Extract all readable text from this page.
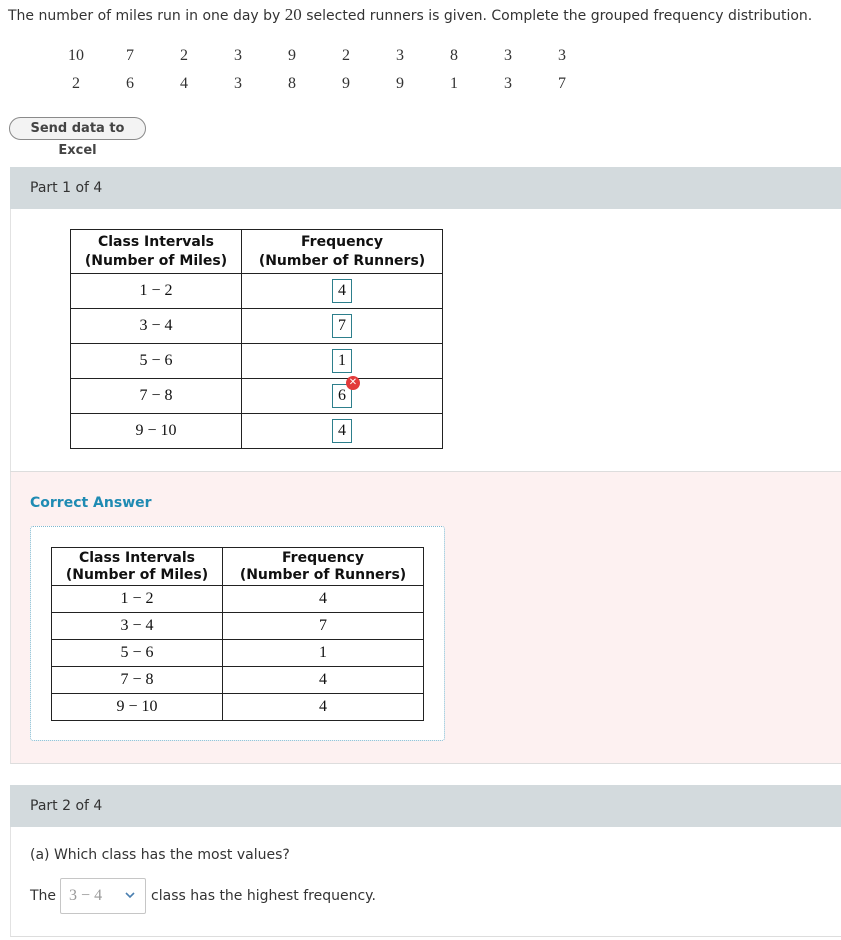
The number of miles run in one day by 20 selected runners is given. Complete the grouped frequency distribution.
10	7	2	3	9	2	3	8	3	3
2	6	4	3	8	9	9	1	3	7
Send data to Excel
Part 1 of 4
Class Intervals
(Number of Miles)	Frequency
(Number of Runners)
1 − 2	4
3 − 4	7
5 − 6	1
7 − 8	6
✕

9 − 10	4
Correct Answer
Class Intervals
(Number of Miles)	Frequency
(Number of Runners)
1 − 2	4
3 − 4	7
5 − 6	1
7 − 8	4
9 − 10	4
Part 2 of 4
(a) Which class has the most values?
The 3 − 4	class has the highest frequency.
